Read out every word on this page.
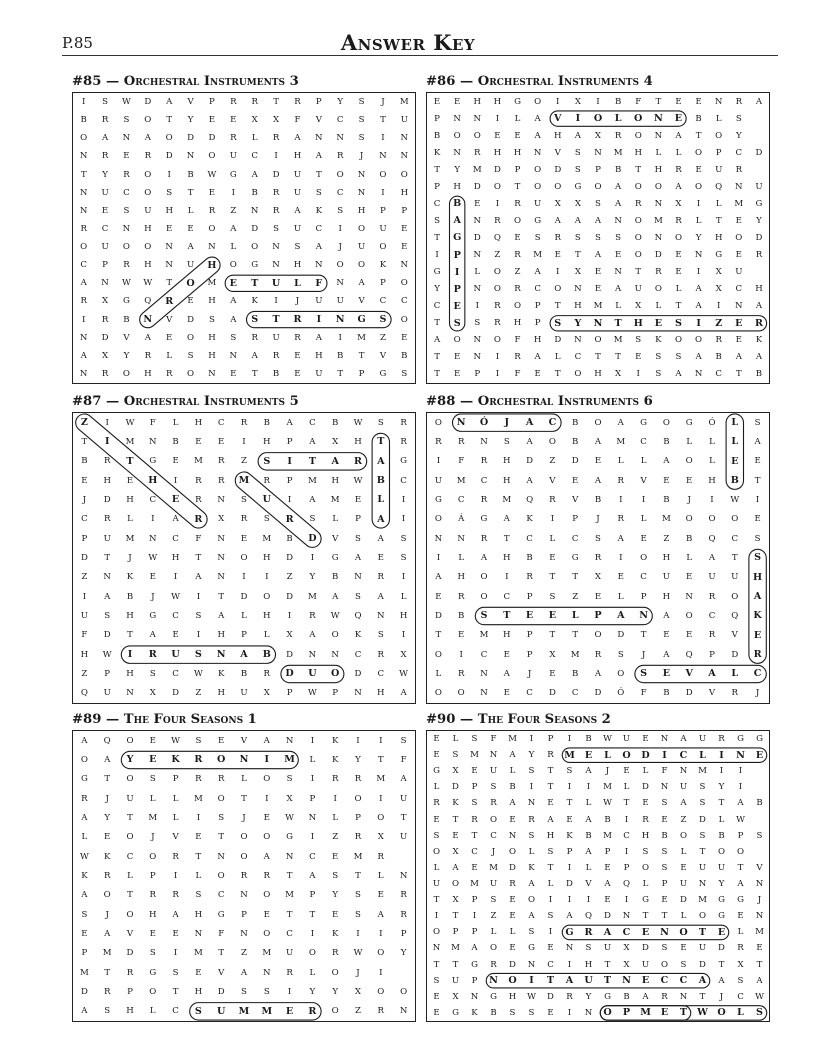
P.85	Answer Key
#85 — Orchestral Instruments 3
I	S	W	D	A	V	P	R	R	T	R	P	Y	S	J	M
B	R	S	O	T	Y	E	E	X	X	F	V	C	S	T	U
O	A	N	A	O	D	D	R	L	R	A	N	N	S	I	N
N	R	E	R	D	N	O	U	C	I	H	A	R	J	N	N
T	Y	R	O	I	B	W	G	A	D	U	T	O	N	O	O
N	U	C	O	S	T	E	I	B	R	U	S	C	N	I	H
N	E	S	U	H	L	R	Z	N	R	A	K	S	H	P	P
R	C	N	H	E	E	O	A	D	S	U	C	I	O	U	E
O	U	O	O	N	A	N	L	O	N	S	A	J	U	O	E
C	P	R	H	N	U	H	O	G	N	H	N	O	O	K	N
A	N	W	W	T	O	M	E	T	U	L	F	N	A	P	O
R	X	G	Q	R	E	H	A	K	I	J	U	U	V	C	C
I	R	B	N	V	D	S	A	S	T	R	I	N	G	S	O
N	D	V	A	E	O	H	S	R	U	R	A	I	M	Z	E
A	X	Y	R	L	S	H	N	A	R	E	H	B	T	V	B
N	R	O	H	R	O	N	E	T	B	E	U	T	P	G	S
#86 — Orchestral Instruments 4
E	E	H	H	G	O	I	X	I	B	F	T	E	E	N	R	A
P	N	N	I	L	A	V	I	O	L	O	N	E	B	L	S
B	O	O	E	E	A	H	A	X	R	O	N	A	T	O	Y
K	N	R	H	H	N	V	S	N	M	H	L	L	O	P	C	D
T	Y	M	D	P	O	D	S	P	B	T	H	R	E	U	R
P	H	D	O	T	O	O	G	O	A	O	O	A	O	Q	N	U
C	B	E	I	R	U	X	X	S	A	R	N	X	I	L	M	G
S	A	N	R	O	G	A	A	A	N	O	M	R	L	T	E	Y
T	G	D	Q	E	S	R	S	S	S	O	N	O	Y	H	O	D
I	P	N	Z	R	M	E	T	A	E	O	D	E	N	G	E	R
G	I	L	O	Z	A	I	X	E	N	T	R	E	I	X	U
Y	P	N	O	R	C	O	N	E	A	U	O	L	A	X	C	H
C	E	I	R	O	P	T	H	M	L	X	L	T	A	I	N	A
T	S	S	R	H	P	S	Y	N	T	H	E	S	I	Z	E	R
A	O	N	O	F	H	D	N	O	M	S	K	O	O	R	E	K
T	E	N	I	R	A	L	C	T	T	E	S	S	A	B	A	A
T	E	P	I	F	E	T	O	H	X	I	S	A	N	C	T	B
#87 — Orchestral Instruments 5
Z	I	W	F	L	H	C	R	B	A	C	B	W	S	R
T	I	M	N	B	E	E	I	H	P	A	X	H	T	R
B	R	T	G	E	M	R	Z	S	I	T	A	R	A	G
E	H	E	H	I	R	R	M	R	P	M	H	W	B	C
J	D	H	C	E	R	N	S	U	I	A	M	E	L	I
C	R	L	I	A	R	X	R	S	R	S	L	P	A	I
P	U	M	N	C	F	N	E	M	B	D	V	S	A	S
D	T	J	W	H	T	N	O	H	D	I	G	A	E	S
Z	N	K	E	I	A	N	I	I	Z	Y	B	N	R	I
I	A	B	J	W	I	T	D	O	D	M	A	S	A	L
U	S	H	G	C	S	A	L	H	I	R	W	Q	N	H
F	D	T	A	E	I	H	P	L	X	A	O	K	S	I
H	W	I	R	U	S	N	A	B	D	N	N	C	R	X
Z	P	H	S	C	W	K	B	R	D	U	O	D	C	W
Q	U	N	X	D	Z	H	U	X	P	W	P	N	H	A
#88 — Orchestral Instruments 6
O	N	Ó	J	A	C	B	O	A	G	O	G	Ó	L	S
R	R	N	S	A	O	B	A	M	C	B	L	L	L	A
I	F	R	H	D	Z	D	E	L	L	A	O	L	E	E
U	M	C	H	A	V	E	A	R	V	E	E	H	B	T
G	C	R	M	Q	R	V	B	I	I	B	J	I	W	I
O	Á	G	A	K	I	P	J	R	L	M	O	O	O	E
N	N	R	T	C	L	C	S	A	E	Z	B	Q	C	S
I	L	A	H	B	E	G	R	I	O	H	L	A	T	S
A	H	O	I	R	T	T	X	E	C	U	E	U	U	H
E	R	O	C	P	S	Z	E	L	P	H	N	R	O	A
D	B	S	T	E	E	L	P	A	N	A	O	C	Q	K
T	E	M	H	P	T	T	O	D	T	E	E	R	V	E
O	I	C	E	P	X	M	R	S	J	A	Q	P	D	R
L	R	N	A	J	E	B	A	O	S	E	V	A	L	C
O	O	N	E	C	D	C	D	Ó	F	B	D	V	R	J
#89 — The Four Seasons 1
A	Q	O	E	W	S	E	V	A	N	I	K	I	I	S
O	A	Y	E	K	R	O	N	I	M	L	K	Y	T	F
G	T	O	S	P	R	R	L	O	S	I	R	R	M	A
R	J	U	L	L	M	O	T	I	X	P	I	O	I	U
A	Y	T	M	L	I	S	J	E	W	N	L	P	O	T
L	E	O	J	V	E	T	O	O	G	I	Z	R	X	U
W	K	C	O	R	T	N	O	A	N	C	E	M	R
K	R	L	P	I	L	O	R	R	T	A	S	T	L	N
A	O	T	R	R	S	C	N	O	M	P	Y	S	E	R
S	J	O	H	A	H	G	P	E	T	T	E	S	A	R
E	A	V	E	E	N	F	N	O	C	I	K	I	I	P
P	M	D	S	I	M	T	Z	M	U	O	R	W	O	Y
M	T	R	G	S	E	V	A	N	R	L	O	J	I
D	R	P	O	T	H	D	S	S	I	Y	Y	X	O	O
A	S	H	L	C	S	U	M	M	E	R	O	Z	R	N
#90 — The Four Seasons 2
E	L	S	F	M	I	P	I	B	W	U	E	N	A	U	R	G	G
E	S	M	N	A	Y	R	M	E	L	O	D	I	C	L	I	N	E
G	X	E	U	L	S	T	S	A	J	E	L	F	N	M	I	I
L	D	P	S	B	I	T	I	I	M	L	D	N	U	S	Y	I
R	K	S	R	A	N	E	T	L	W	T	E	S	A	S	T	A	B
E	T	R	O	E	R	A	E	A	B	I	R	E	Z	D	L	W
S	E	T	C	N	S	H	K	B	M	C	H	B	O	S	B	P	S
O	X	C	J	O	L	S	P	A	P	I	S	S	L	T	O	O
L	A	E	M	D	K	T	I	L	E	P	O	S	E	U	U	T	V
U	O	M	U	R	A	L	D	V	A	Q	L	P	U	N	Y	A	N
T	X	P	S	E	O	I	I	I	E	I	G	E	D	M	G	G	J
I	T	I	Z	E	A	S	A	Q	D	N	T	T	L	O	G	E	N
O	P	P	L	L	S	I	G	R	A	C	E	N	O	T	E	L	M
N	M	A	O	E	G	E	N	S	U	X	D	S	E	U	D	R	E
T	T	G	R	D	N	C	I	H	T	X	U	O	S	D	T	X	T
S	U	P	N	O	I	T	A	U	T	N	E	C	C	A	A	S	A
E	X	N	G	H	W	D	R	Y	G	B	A	R	N	T	J	C	W
E	G	K	B	S	S	E	I	N	O	P	M	E	T	W O	L	S
